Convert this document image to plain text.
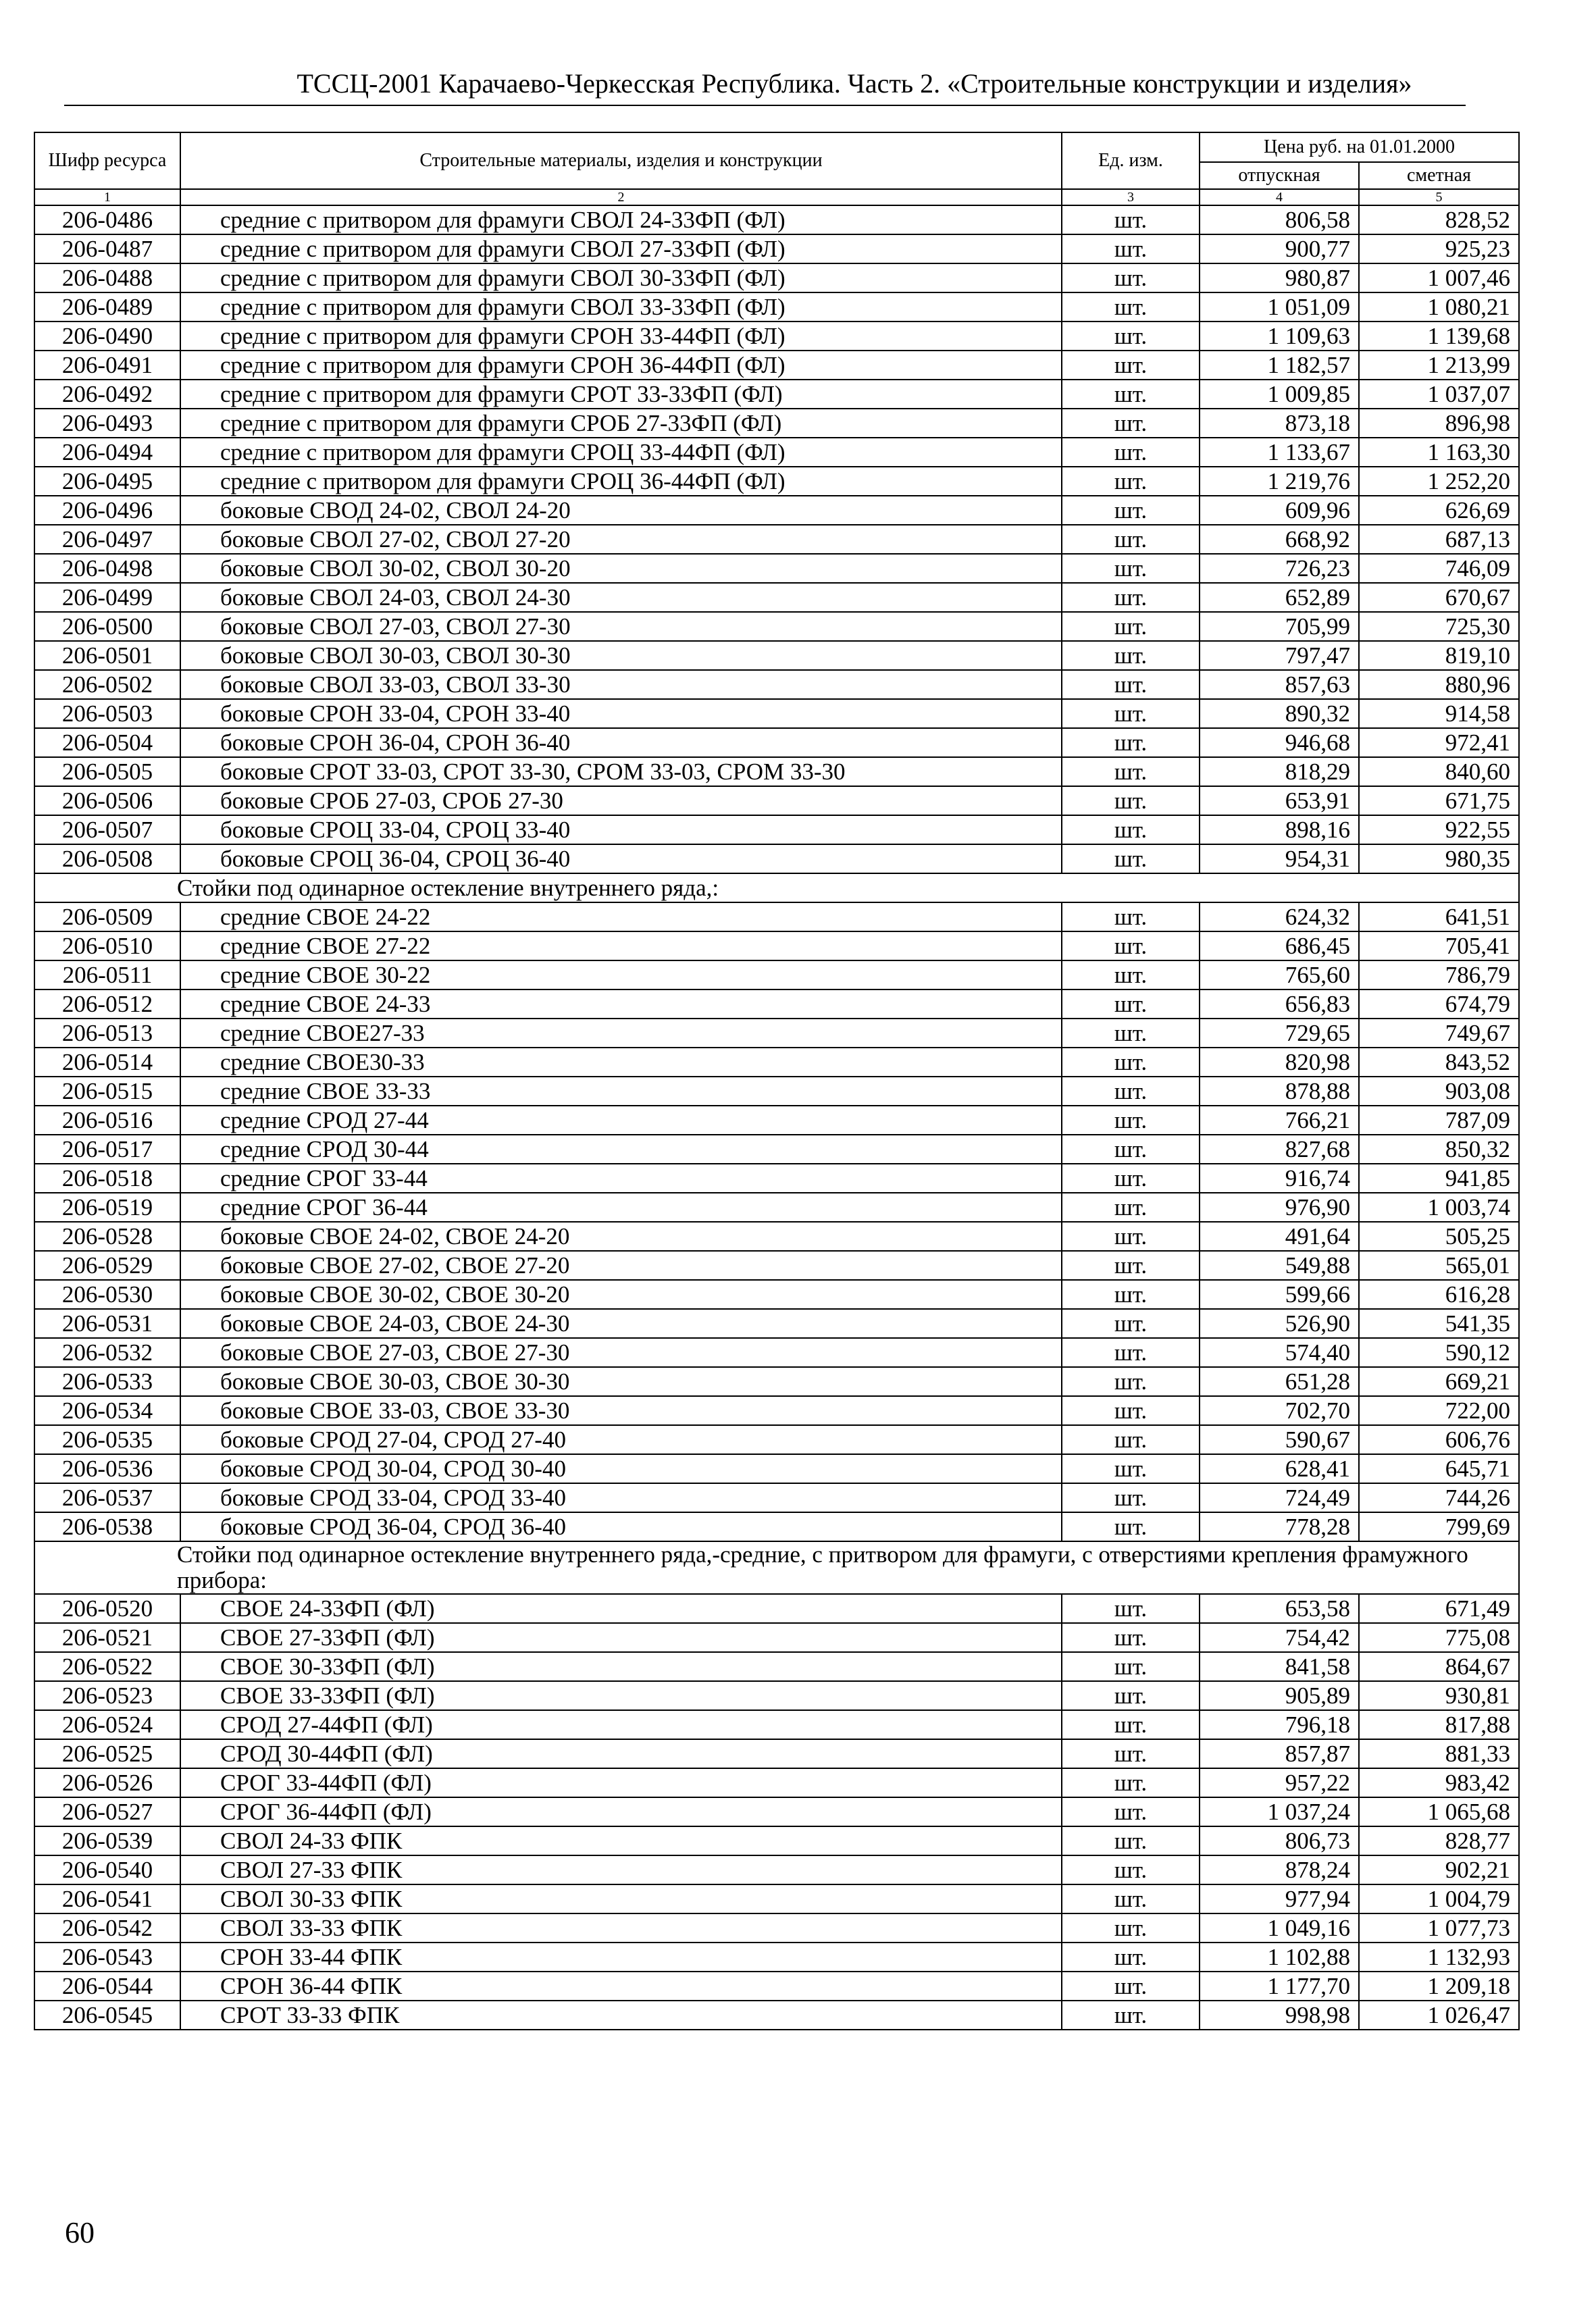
ТССЦ-2001 Карачаево-Черкесская Республика. Часть 2. «Строительные конструкции и изделия»
Шифр ресурса	Строительные материалы, изделия и конструкции	Ед. изм.	Цена руб. на 01.01.2000	
			отпускная	сметная
1	2	3	4	5
206-0486	средние с притвором для фрамуги СВОЛ 24-33ФП (ФЛ)	шт.	806,58	828,52
206-0487	средние с притвором для фрамуги СВОЛ 27-33ФП (ФЛ)	шт.	900,77	925,23
206-0488	средние с притвором для фрамуги СВОЛ 30-33ФП (ФЛ)	шт.	980,87	1 007,46
206-0489	средние с притвором для фрамуги СВОЛ 33-33ФП (ФЛ)	шт.	1 051,09	1 080,21
206-0490	средние с притвором для фрамуги СРОН 33-44ФП (ФЛ)	шт.	1 109,63	1 139,68
206-0491	средние с притвором для фрамуги СРОН 36-44ФП (ФЛ)	шт.	1 182,57	1 213,99
206-0492	средние с притвором для фрамуги СРОТ 33-33ФП (ФЛ)	шт.	1 009,85	1 037,07
206-0493	средние с притвором для фрамуги СРОБ 27-33ФП (ФЛ)	шт.	873,18	896,98
206-0494	средние с притвором для фрамуги СРОЦ 33-44ФП (ФЛ)	шт.	1 133,67	1 163,30
206-0495	средние с притвором для фрамуги СРОЦ 36-44ФП (ФЛ)	шт.	1 219,76	1 252,20
206-0496	боковые СВОД 24-02, СВОЛ 24-20	шт.	609,96	626,69
206-0497	боковые СВОЛ 27-02, СВОЛ 27-20	шт.	668,92	687,13
206-0498	боковые СВОЛ 30-02, СВОЛ 30-20	шт.	726,23	746,09
206-0499	боковые СВОЛ 24-03, СВОЛ 24-30	шт.	652,89	670,67
206-0500	боковые СВОЛ 27-03, СВОЛ 27-30	шт.	705,99	725,30
206-0501	боковые СВОЛ 30-03, СВОЛ 30-30	шт.	797,47	819,10
206-0502	боковые СВОЛ 33-03, СВОЛ 33-30	шт.	857,63	880,96
206-0503	боковые СРОН 33-04, СРОН 33-40	шт.	890,32	914,58
206-0504	боковые СРОН 36-04, СРОН 36-40	шт.	946,68	972,41
206-0505	боковые СРОТ 33-03, СРОТ 33-30, СРОМ 33-03, СРОМ 33-30	шт.	818,29	840,60
206-0506	боковые СРОБ 27-03, СРОБ 27-30	шт.	653,91	671,75
206-0507	боковые СРОЦ 33-04, СРОЦ 33-40	шт.	898,16	922,55
206-0508	боковые СРОЦ 36-04, СРОЦ 36-40	шт.	954,31	980,35
Стойки под одинарное остекление внутреннего ряда,:				
206-0509	средние СВОЕ 24-22	шт.	624,32	641,51
206-0510	средние СВОЕ 27-22	шт.	686,45	705,41
206-0511	средние СВОЕ 30-22	шт.	765,60	786,79
206-0512	средние СВОЕ 24-33	шт.	656,83	674,79
206-0513	средние СВОЕ27-33	шт.	729,65	749,67
206-0514	средние СВОЕ30-33	шт.	820,98	843,52
206-0515	средние СВОЕ 33-33	шт.	878,88	903,08
206-0516	средние СРОД 27-44	шт.	766,21	787,09
206-0517	средние СРОД 30-44	шт.	827,68	850,32
206-0518	средние СРОГ 33-44	шт.	916,74	941,85
206-0519	средние СРОГ 36-44	шт.	976,90	1 003,74
206-0528	боковые СВОЕ 24-02, СВОЕ 24-20	шт.	491,64	505,25
206-0529	боковые СВОЕ 27-02, СВОЕ 27-20	шт.	549,88	565,01
206-0530	боковые СВОЕ 30-02, СВОЕ 30-20	шт.	599,66	616,28
206-0531	боковые СВОЕ 24-03, СВОЕ 24-30	шт.	526,90	541,35
206-0532	боковые СВОЕ 27-03, СВОЕ 27-30	шт.	574,40	590,12
206-0533	боковые СВОЕ 30-03, СВОЕ 30-30	шт.	651,28	669,21
206-0534	боковые СВОЕ 33-03, СВОЕ 33-30	шт.	702,70	722,00
206-0535	боковые СРОД 27-04, СРОД 27-40	шт.	590,67	606,76
206-0536	боковые СРОД 30-04, СРОД 30-40	шт.	628,41	645,71
206-0537	боковые СРОД 33-04, СРОД 33-40	шт.	724,49	744,26
206-0538	боковые СРОД 36-04, СРОД 36-40	шт.	778,28	799,69
Стойки под одинарное остекление внутреннего ряда,-средние, с притвором для фрамуги, с отверстиями крепления фрамужного прибора:				
206-0520	СВОЕ 24-33ФП (ФЛ)	шт.	653,58	671,49
206-0521	СВОЕ 27-33ФП (ФЛ)	шт.	754,42	775,08
206-0522	СВОЕ 30-33ФП (ФЛ)	шт.	841,58	864,67
206-0523	СВОЕ 33-33ФП (ФЛ)	шт.	905,89	930,81
206-0524	СРОД 27-44ФП (ФЛ)	шт.	796,18	817,88
206-0525	СРОД 30-44ФП (ФЛ)	шт.	857,87	881,33
206-0526	СРОГ 33-44ФП (ФЛ)	шт.	957,22	983,42
206-0527	СРОГ 36-44ФП (ФЛ)	шт.	1 037,24	1 065,68
206-0539	СВОЛ 24-33 ФПК	шт.	806,73	828,77
206-0540	СВОЛ 27-33 ФПК	шт.	878,24	902,21
206-0541	СВОЛ 30-33 ФПК	шт.	977,94	1 004,79
206-0542	СВОЛ 33-33 ФПК	шт.	1 049,16	1 077,73
206-0543	СРОН 33-44 ФПК	шт.	1 102,88	1 132,93
206-0544	СРОН 36-44 ФПК	шт.	1 177,70	1 209,18
206-0545	СРОТ 33-33 ФПК	шт.	998,98	1 026,47
60
